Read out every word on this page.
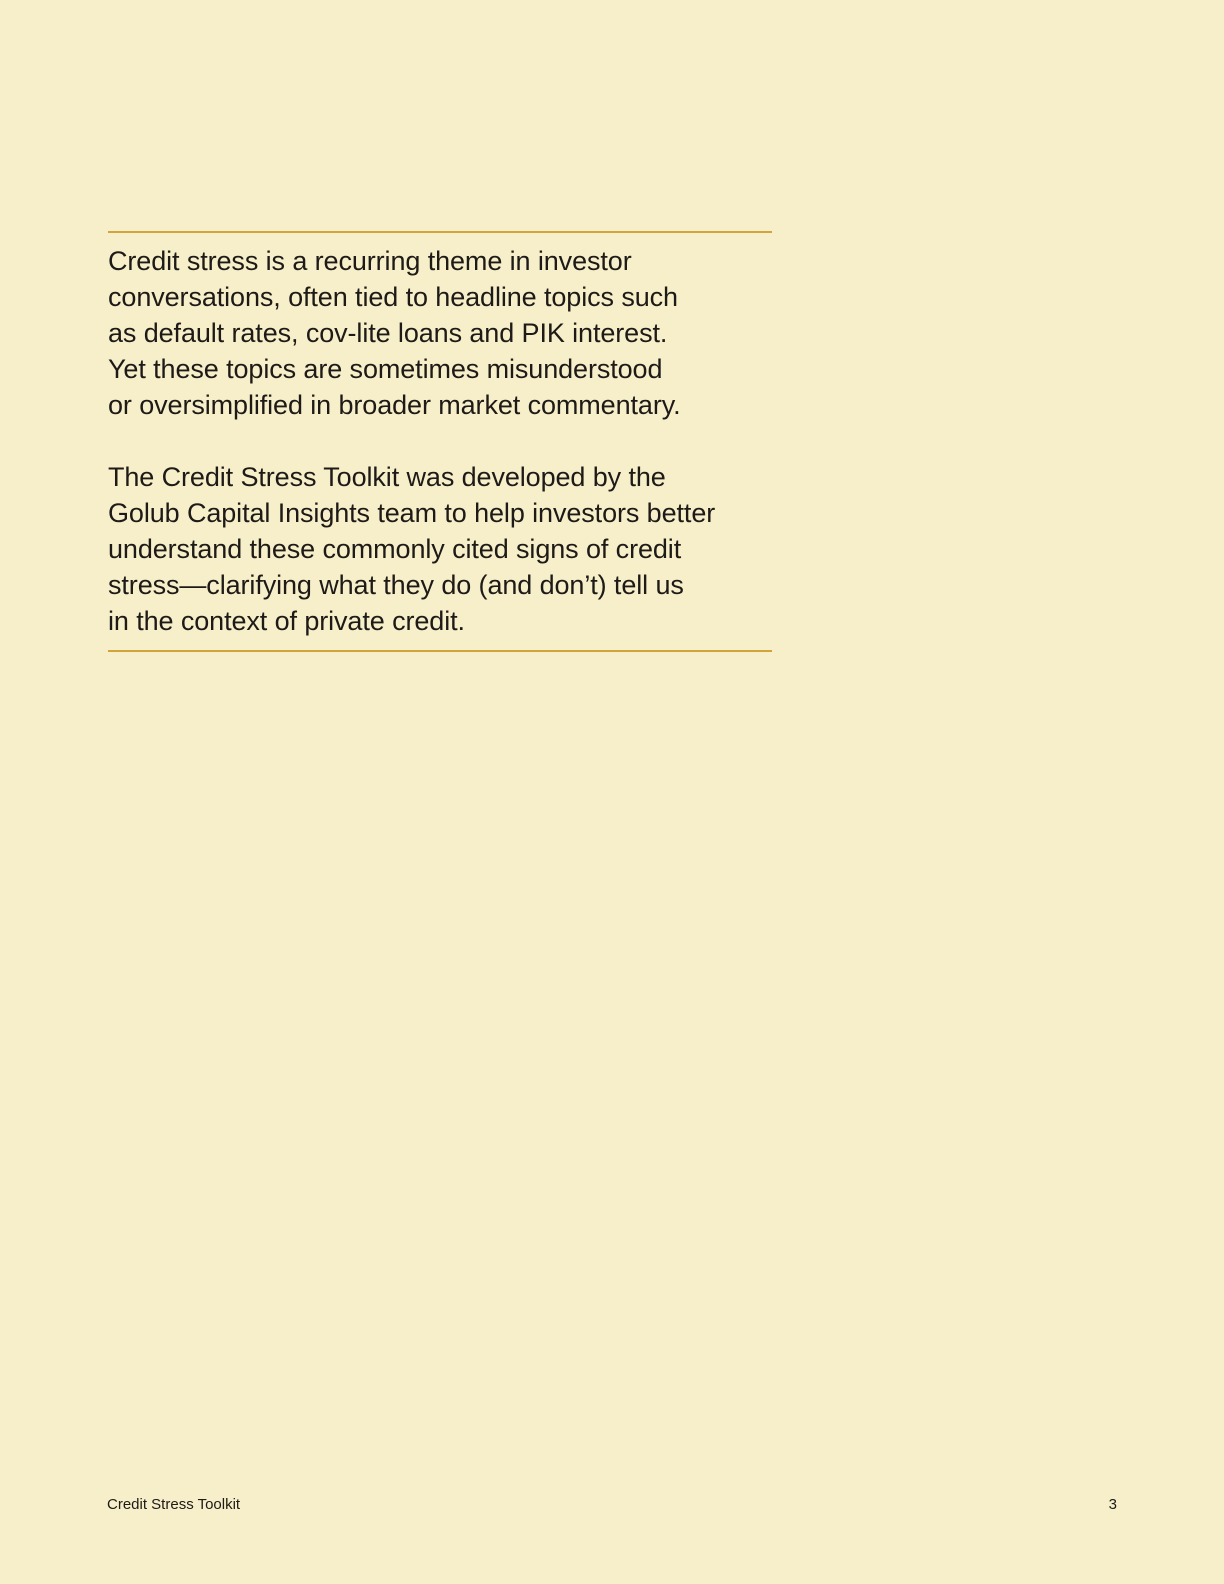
Credit stress is a recurring theme in investor
conversations, often tied to headline topics such
as default rates, cov-lite loans and PIK interest.
Yet these topics are sometimes misunderstood
or oversimplified in broader market commentary.

The Credit Stress Toolkit was developed by the
Golub Capital Insights team to help investors better
understand these commonly cited signs of credit
stress—clarifying what they do (and don’t) tell us
in the context of private credit.

Credit Stress Toolkit	3
